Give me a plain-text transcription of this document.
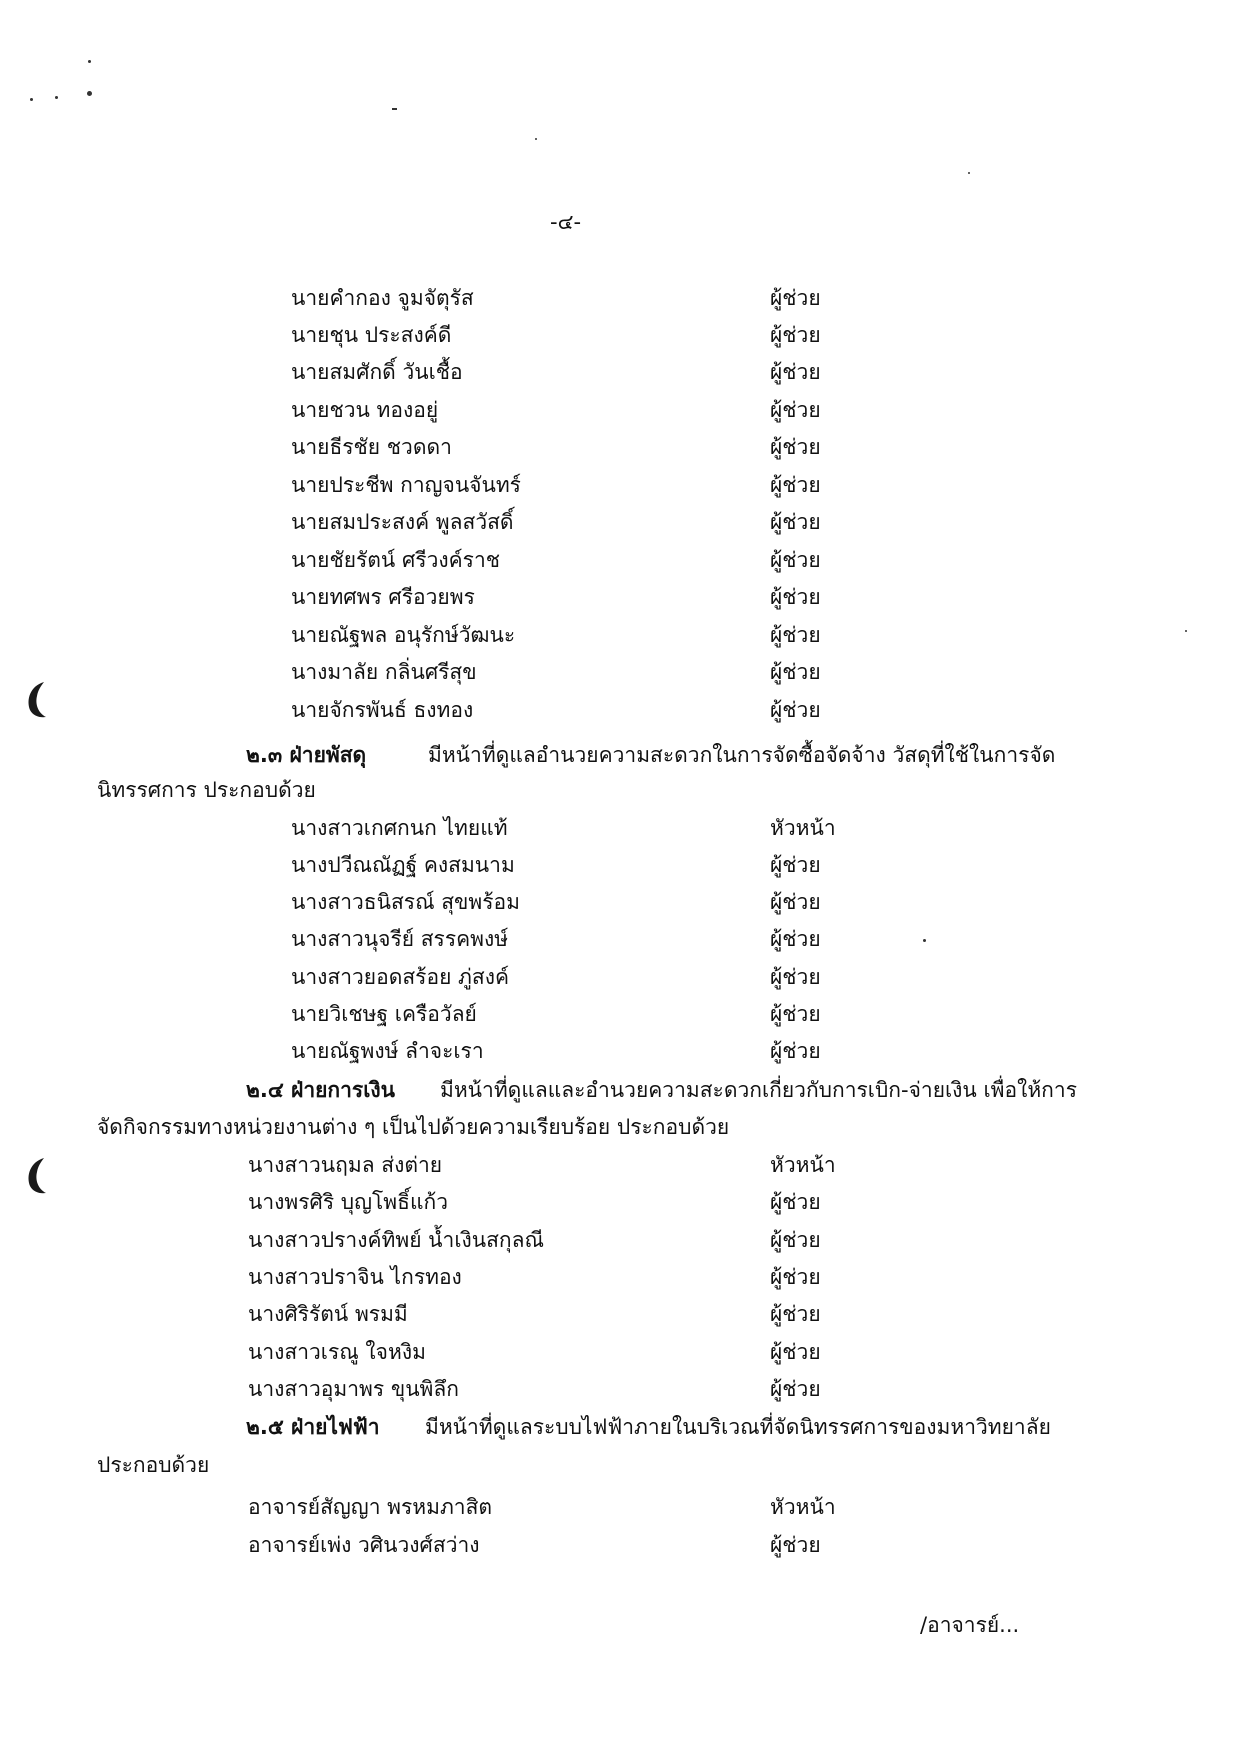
-๔-
นายคำกอง จูมจัตุรัส	ผู้ช่วย
นายชุน ประสงค์ดี	ผู้ช่วย
นายสมศักดิ์ วันเชื้อ	ผู้ช่วย
นายชวน ทองอยู่	ผู้ช่วย
นายธีรชัย ชวดดา	ผู้ช่วย
นายประชีพ กาญจนจันทร์	ผู้ช่วย
นายสมประสงค์ พูลสวัสดิ์	ผู้ช่วย
นายชัยรัตน์ ศรีวงค์ราช	ผู้ช่วย
นายทศพร ศรีอวยพร	ผู้ช่วย
นายณัฐพล อนุรักษ์วัฒนะ	ผู้ช่วย
นางมาลัย กลิ่นศรีสุข	ผู้ช่วย
นายจักรพันธ์ ธงทอง	ผู้ช่วย
๒.๓ ฝ่ายพัสดุ	มีหน้าที่ดูแลอำนวยความสะดวกในการจัดซื้อจัดจ้าง วัสดุที่ใช้ในการจัด
นิทรรศการ ประกอบด้วย
นางสาวเกศกนก ไทยแท้	หัวหน้า
นางปวีณณัฏฐ์ คงสมนาม	ผู้ช่วย
นางสาวธนิสรณ์ สุขพร้อม	ผู้ช่วย
นางสาวนุจรีย์ สรรคพงษ์	ผู้ช่วย
นางสาวยอดสร้อย ภู่สงค์	ผู้ช่วย
นายวิเชษฐ เครือวัลย์	ผู้ช่วย
นายณัฐพงษ์ ลำจะเรา	ผู้ช่วย
๒.๔ ฝ่ายการเงิน มีหน้าที่ดูแลและอำนวยความสะดวกเกี่ยวกับการเบิก-จ่ายเงิน เพื่อให้การ
จัดกิจกรรมทางหน่วยงานต่าง ๆ เป็นไปด้วยความเรียบร้อย ประกอบด้วย
นางสาวนฤมล ส่งต่าย	หัวหน้า
นางพรศิริ บุญโพธิ์แก้ว	ผู้ช่วย
นางสาวปรางค์ทิพย์ น้ำเงินสกุลณี	ผู้ช่วย
นางสาวปราจิน ไกรทอง	ผู้ช่วย
นางศิริรัตน์ พรมมี	ผู้ช่วย
นางสาวเรณู ใจหงิม	ผู้ช่วย
นางสาวอุมาพร ขุนพิลึก	ผู้ช่วย
๒.๕ ฝ่ายไฟฟ้า มีหน้าที่ดูแลระบบไฟฟ้าภายในบริเวณที่จัดนิทรรศการของมหาวิทยาลัย
ประกอบด้วย
อาจารย์สัญญา พรหมภาสิต	หัวหน้า
อาจารย์เพ่ง วศินวงศ์สว่าง	ผู้ช่วย
/อาจารย์...
